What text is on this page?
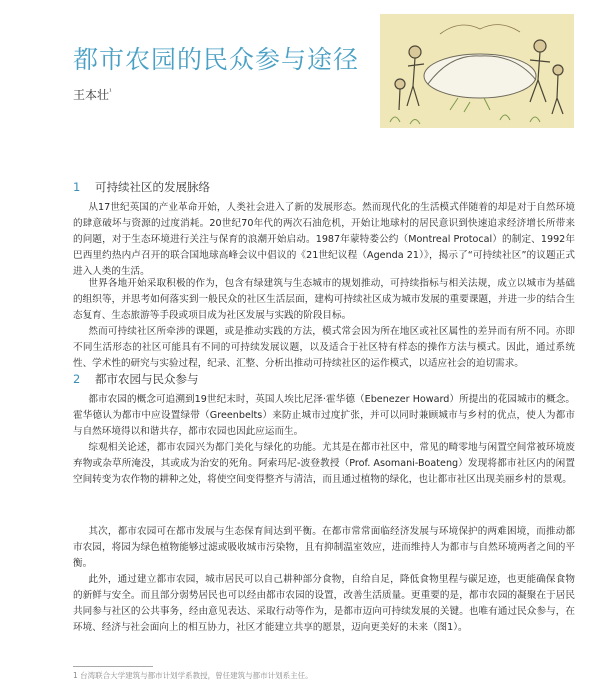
都市农园的民众参与途径
王本壮$^{^1}$
1 可持续社区的发展脉络

从17世纪英国的产业革命开始，人类社会进入了新的发展形态。然而现代化的生活模式伴随着的却是对于自然环境的肆意破坏与资源的过度消耗。20世纪70年代的两次石油危机，开始让地球村的居民意识到快速追求经济增长所带来的问题，对于生态环境进行关注与保育的浪潮开始启动。1987年蒙特娄公约（Montreal Protocal）的制定、1992年巴西里约热内卢召开的联合国地球高峰会议中倡议的《21世纪议程（Agenda 21）》，揭示了“可持续社区”的议题正式进入人类的生活。

世界各地开始采取积极的作为，包含有绿建筑与生态城市的规划推动，可持续指标与相关法规，成立以城市为基础的组织等，并思考如何落实到一般民众的社区生活层面，建构可持续社区成为城市发展的重要课题，并进一步的结合生态复育、生态旅游等手段或项目成为社区发展与实践的阶段目标。

然而可持续社区所牵涉的课题，或是推动实践的方法，模式常会因为所在地区或社区属性的差异而有所不同。亦即不同生活形态的社区可能具有不同的可持续发展议题，以及适合于社区特有样态的操作方法与模式。因此，通过系统性、学术性的研究与实验过程，纪录、汇整、分析出推动可持续社区的运作模式，以适应社会的迫切需求。

2 都市农园与民众参与

都市农园的概念可追溯到19世纪末时，英国人埃比尼泽·霍华德（Ebenezer Howard）所提出的花园城市的概念。霍华德认为都市中应设置绿带（Greenbelts）来防止城市过度扩张，并可以同时兼顾城市与乡村的优点，使人为都市与自然环境得以和谐共存，都市农园也因此应运而生。

综观相关论述，都市农园兴为都门美化与绿化的功能。尤其是在都市社区中，常见的畸零地与闲置空间常被环境废弃物或杂草所淹没，其或成为治安的死角。阿索玛尼-波登教授（Prof. Asomani-Boateng）发现将都市社区内的闲置空间转变为农作物的耕种之处，将使空间变得整齐与清洁，而且通过植物的绿化，也让都市社区出现美丽乡村的景观。

其次，都市农园可在都市发展与生态保育间达到平衡。在都市常常面临经济发展与环境保护的两难困境，而推动都市农园，将园为绿色植物能够过滤或吸收城市污染物，且有抑制温室效应，进而维持人为都市与自然环境两者之间的平衡。

此外，通过建立都市农园，城市居民可以自己耕种部分食物，自给自足，降低食物里程与碳足迹，也更能确保食物的新鲜与安全。而且部分弱势居民也可以经由都市农园的设置，改善生活质量。更重要的是，都市农园的凝聚在于居民共同参与社区的公共事务，经由意见表达、采取行动等作为，是都市迈向可持续发展的关键。也唯有通过民众参与，在环境、经济与社会面向上的相互协力，社区才能建立共享的愿景，迈向更美好的未来（图1）。

1 台湾联合大学建筑与都市计划学系教授，曾任建筑与都市计划系主任。
